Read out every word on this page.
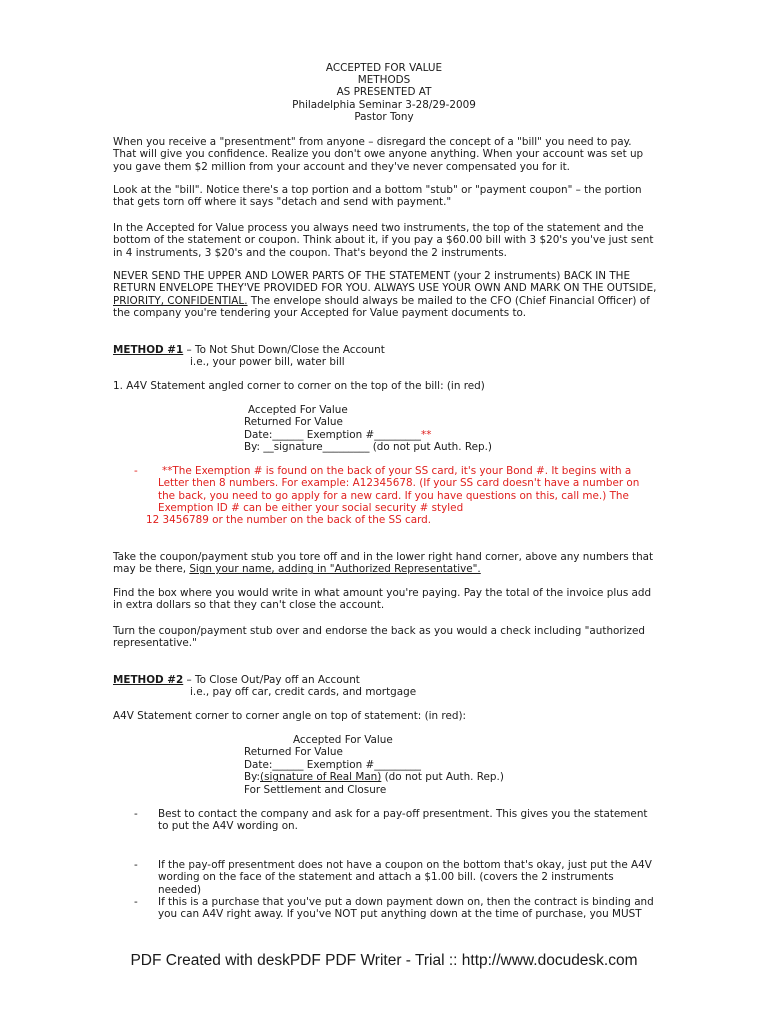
ACCEPTED FOR VALUE
METHODS
AS PRESENTED AT
Philadelphia Seminar 3-28/29-2009
Pastor Tony

When you receive a "presentment" from anyone – disregard the concept of a "bill" you need to pay. That will give you confidence. Realize you don't owe anyone anything. When your account was set up you gave them $2 million from your account and they've never compensated you for it.

Look at the "bill". Notice there's a top portion and a bottom "stub" or "payment coupon" – the portion that gets torn off where it says "detach and send with payment."

In the Accepted for Value process you always need two instruments, the top of the statement and the bottom of the statement or coupon. Think about it, if you pay a $60.00 bill with 3 $20's you've just sent in 4 instruments, 3 $20's and the coupon. That's beyond the 2 instruments.

NEVER SEND THE UPPER AND LOWER PARTS OF THE STATEMENT (your 2 instruments) BACK IN THE RETURN ENVELOPE THEY'VE PROVIDED FOR YOU. ALWAYS USE YOUR OWN AND MARK ON THE OUTSIDE, PRIORITY, CONFIDENTIAL. The envelope should always be mailed to the CFO (Chief Financial Officer) of the company you're tendering your Accepted for Value payment documents to.

METHOD #1 – To Not Shut Down/Close the Account
i.e., your power bill, water bill
1. A4V Statement angled corner to corner on the top of the bill: (in red)
Accepted For Value
Returned For Value
Date:______ Exemption #_________**
By: __signature_________ (do not put Auth. Rep.)
-	**The Exemption # is found on the back of your SS card, it's your Bond #. It begins with a Letter then 8 numbers. For example: A12345678. (If your SS card doesn't have a number on the back, you need to go apply for a new card. If you have questions on this, call me.) The Exemption ID # can be either your social security # styled

12 3456789 or the number on the back of the SS card.

Take the coupon/payment stub you tore off and in the lower right hand corner, above any numbers that may be there, Sign your name, adding in "Authorized Representative".

Find the box where you would write in what amount you're paying. Pay the total of the invoice plus add in extra dollars so that they can't close the account.

Turn the coupon/payment stub over and endorse the back as you would a check including "authorized representative."

METHOD #2 – To Close Out/Pay off an Account
i.e., pay off car, credit cards, and mortgage
A4V Statement corner to corner angle on top of statement: (in red):
Accepted For Value
Returned For Value
Date:______ Exemption #_________
By:(signature of Real Man) (do not put Auth. Rep.)
For Settlement and Closure
- Best to contact the company and ask for a pay-off presentment. This gives you the statement to put the A4V wording on.

- If the pay-off presentment does not have a coupon on the bottom that's okay, just put the A4V wording on the face of the statement and attach a $1.00 bill. (covers the 2 instruments needed)

- If this is a purchase that you've put a down payment down on, then the contract is binding and you can A4V right away. If you've NOT put anything down at the time of purchase, you MUST

PDF Created with deskPDF PDF Writer - Trial :: http://www.docudesk.com
